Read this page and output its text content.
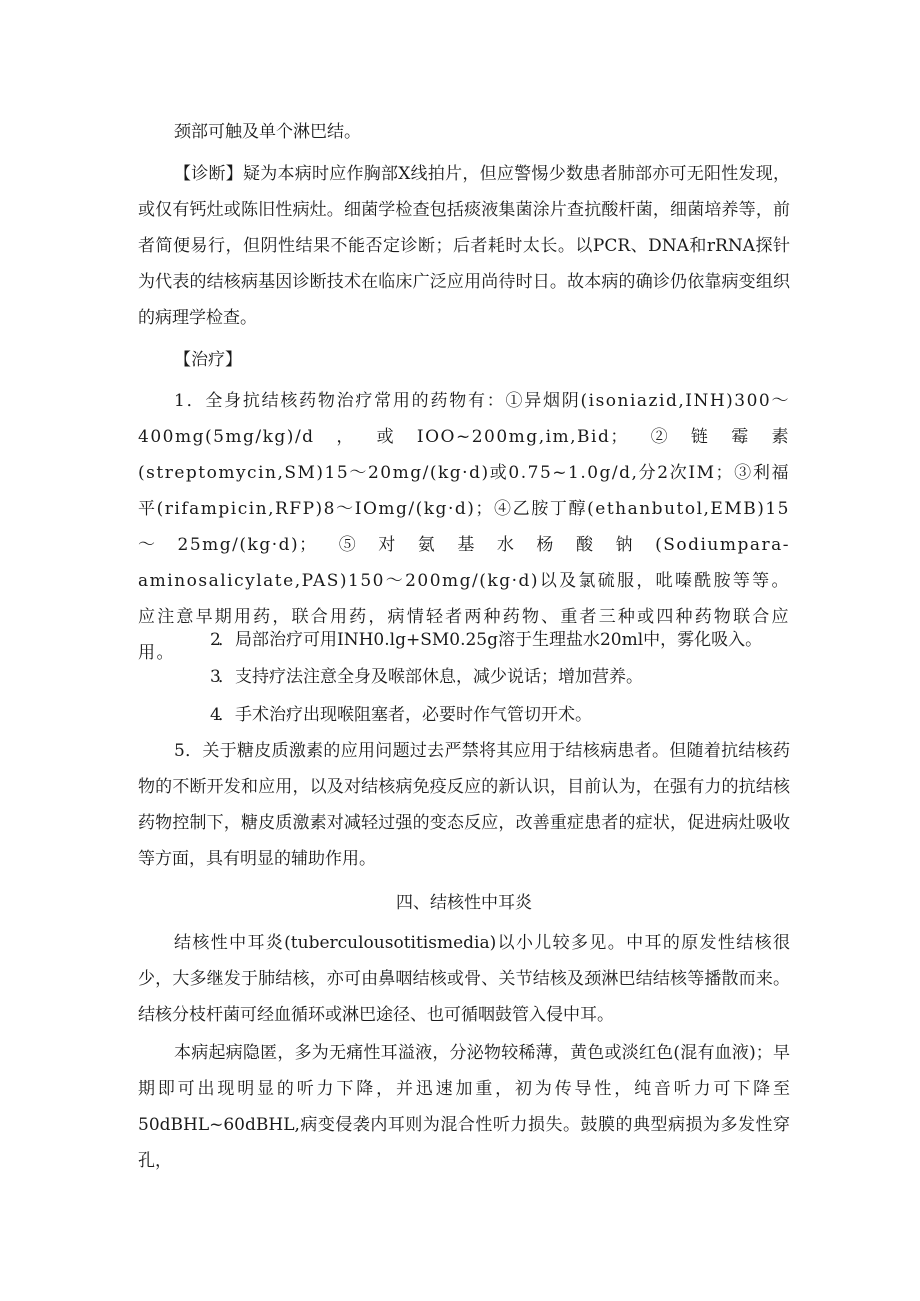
颈部可触及单个淋巴结。

【诊断】疑为本病时应作胸部X线拍片，但应警惕少数患者肺部亦可无阳性发现，或仅有钙灶或陈旧性病灶。细菌学检查包括痰液集菌涂片查抗酸杆菌，细菌培养等，前者简便易行，但阴性结果不能否定诊断；后者耗时太长。以PCR、DNA和rRNA探针为代表的结核病基因诊断技术在临床广泛应用尚待时日。故本病的确诊仍依靠病变组织的病理学检查。

【治疗】

1．全身抗结核药物治疗常用的药物有：①异烟阴(isoniazid,INH)300～400mg(5mg/kg)/d，或IOO~200mg,im,Bid；②链霉素(streptomycin,SM)15～20mg/(kg·d)或0.75~1.0g/d,分2次IM；③利福平(rifampicin,RFP)8～IOmg/(kg·d)；④乙胺丁醇(ethanbutol,EMB)15～25mg/(kg·d)；⑤对氨基水杨酸钠(Sodiumpara-aminosalicylate,PAS)150～200mg/(kg·d)以及氯硫服，吡嗪酰胺等等。应注意早期用药，联合用药，病情轻者两种药物、重者三种或四种药物联合应用。

2．局部治疗可用INH0.lg+SM0.25g溶于生理盐水20ml中，雾化吸入。

3．支持疗法注意全身及喉部休息，减少说话；增加营养。

4．手术治疗出现喉阻塞者，必要时作气管切开术。

5．关于糖皮质激素的应用问题过去严禁将其应用于结核病患者。但随着抗结核药物的不断开发和应用，以及对结核病免疫反应的新认识，目前认为，在强有力的抗结核药物控制下，糖皮质激素对减轻过强的变态反应，改善重症患者的症状，促进病灶吸收等方面，具有明显的辅助作用。

四、结核性中耳炎

结核性中耳炎(tuberculousotitismedia)以小儿较多见。中耳的原发性结核很少，大多继发于肺结核，亦可由鼻咽结核或骨、关节结核及颈淋巴结结核等播散而来。结核分枝杆菌可经血循环或淋巴途径、也可循咽鼓管入侵中耳。

本病起病隐匿，多为无痛性耳溢液，分泌物较稀薄，黄色或淡红色(混有血液)；早期即可出现明显的听力下降，并迅速加重，初为传导性，纯音听力可下降至50dBHL~60dBHL,病变侵袭内耳则为混合性听力损失。鼓膜的典型病损为多发性穿孔，
